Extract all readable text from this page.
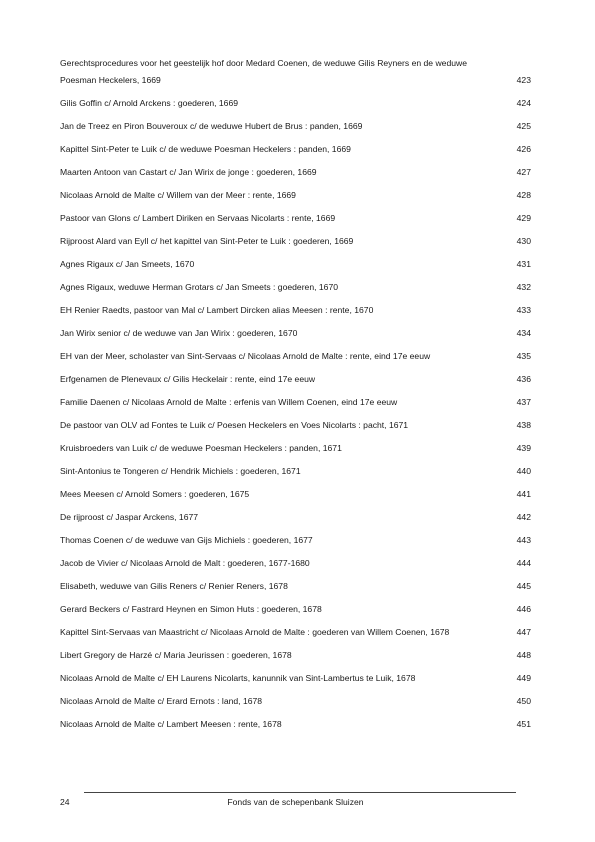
Gerechtsprocedures voor het geestelijk hof door Medard Coenen, de weduwe Gilis Reyners en de weduwe Poesman Heckelers, 1669	423
Gilis Goffin c/ Arnold Arckens : goederen, 1669	424
Jan de Treez en Piron Bouveroux c/ de weduwe Hubert de Brus : panden, 1669	425
Kapittel Sint-Peter te Luik c/ de weduwe Poesman Heckelers : panden, 1669	426
Maarten Antoon van Castart c/ Jan Wirix de jonge : goederen, 1669	427
Nicolaas Arnold de Malte c/ Willem van der Meer : rente, 1669	428
Pastoor van Glons c/ Lambert Diriken en Servaas Nicolarts : rente, 1669	429
Rijproost Alard van Eyll c/ het kapittel van Sint-Peter te Luik : goederen, 1669	430
Agnes Rigaux c/ Jan Smeets, 1670	431
Agnes Rigaux, weduwe Herman Grotars c/ Jan Smeets : goederen, 1670	432
EH Renier Raedts, pastoor van Mal c/ Lambert Dircken alias Meesen : rente, 1670	433
Jan Wirix senior c/ de weduwe van Jan Wirix : goederen, 1670	434
EH van der Meer, scholaster van Sint-Servaas c/ Nicolaas Arnold de Malte : rente, eind 17e eeuw	435
Erfgenamen de Plenevaux c/ Gilis Heckelair : rente, eind 17e eeuw	436
Familie Daenen c/ Nicolaas Arnold de Malte : erfenis van Willem Coenen, eind 17e eeuw	437
De pastoor van OLV ad Fontes te Luik c/ Poesen Heckelers en Voes Nicolarts : pacht, 1671	438
Kruisbroeders van Luik c/ de weduwe Poesman Heckelers : panden, 1671	439
Sint-Antonius te Tongeren c/ Hendrik Michiels : goederen, 1671	440
Mees Meesen c/ Arnold Somers : goederen, 1675	441
De rijproost c/ Jaspar Arckens, 1677	442
Thomas Coenen c/ de weduwe van Gijs Michiels : goederen, 1677	443
Jacob de Vivier c/ Nicolaas Arnold de Malt : goederen, 1677-1680	444
Elisabeth, weduwe van Gilis Reners c/ Renier Reners, 1678	445
Gerard Beckers c/ Fastrard Heynen en Simon Huts : goederen, 1678	446
Kapittel Sint-Servaas van Maastricht c/ Nicolaas Arnold de Malte : goederen van Willem Coenen, 1678	447
Libert Gregory de Harzé c/ Maria Jeurissen : goederen, 1678	448
Nicolaas Arnold de Malte c/ EH Laurens Nicolarts, kanunnik van Sint-Lambertus te Luik, 1678	449
Nicolaas Arnold de Malte c/ Erard Ernots : land, 1678	450
Nicolaas Arnold de Malte c/ Lambert Meesen : rente, 1678	451
24	Fonds van de schepenbank Sluizen
